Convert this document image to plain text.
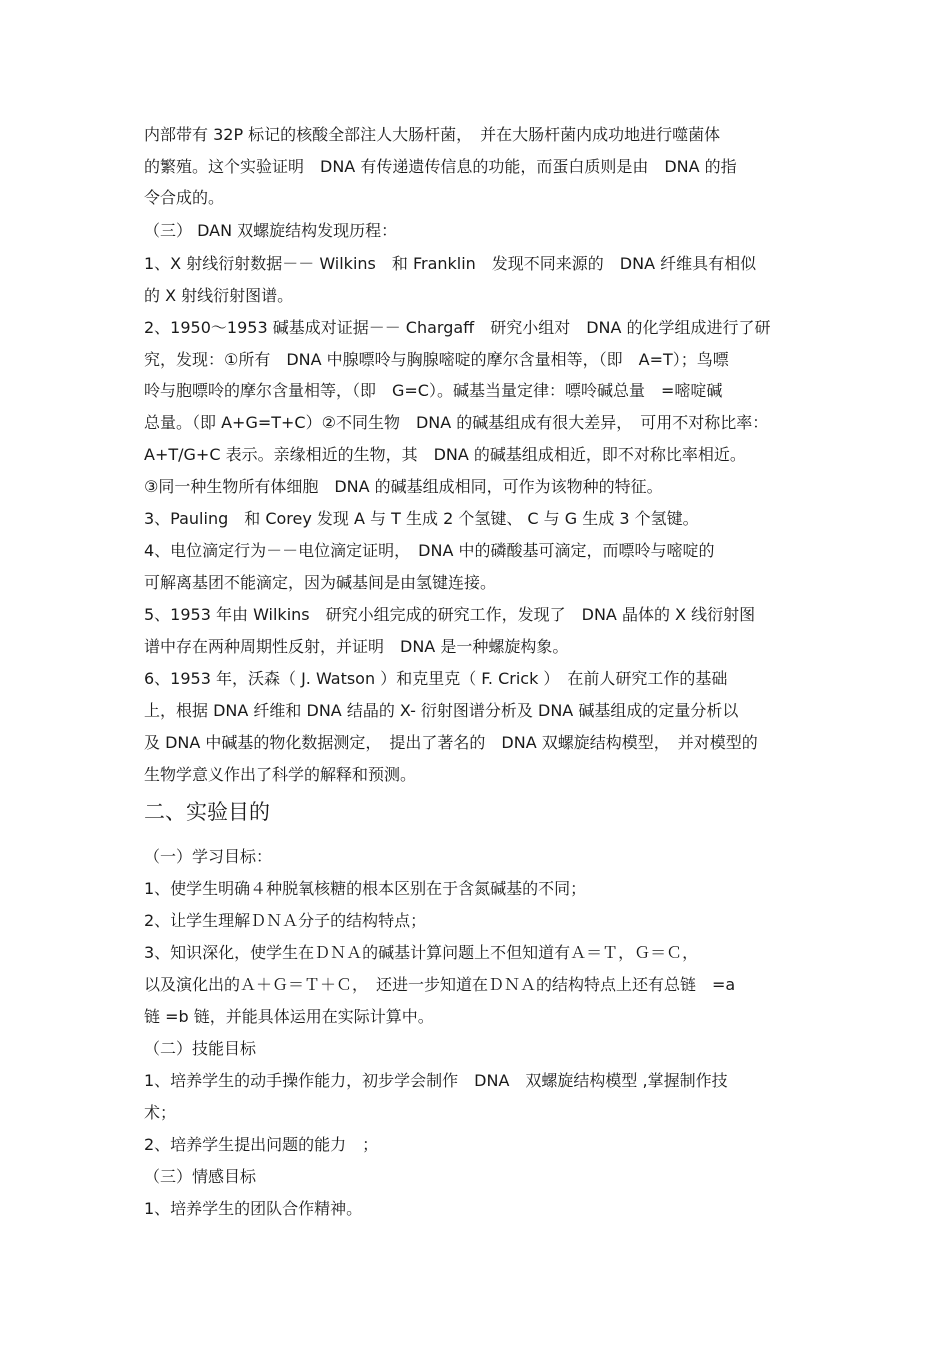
内部带有 32P 标记的核酸全部注人大肠杆菌，　并在大肠杆菌内成功地进行噬菌体
的繁殖。这个实验证明　DNA 有传递遗传信息的功能，而蛋白质则是由　DNA 的指
令合成的。
（三） DAN 双螺旋结构发现历程：
1、X 射线衍射数据－－ Wilkins　和 Franklin　发现不同来源的　DNA 纤维具有相似
的 X 射线衍射图谱。
2、1950～1953 碱基成对证据－－ Chargaff　研究小组对　DNA 的化学组成进行了研
究，发现：①所有　DNA 中腺嘌呤与胸腺嘧啶的摩尔含量相等，（即　A=T）；鸟嘌
呤与胞嘌呤的摩尔含量相等，（即　G=C）。碱基当量定律：嘌呤碱总量　=嘧啶碱
总量。（即 A+G=T+C）②不同生物　DNA 的碱基组成有很大差异，　可用不对称比率：
A+T/G+C 表示。亲缘相近的生物，其　DNA 的碱基组成相近，即不对称比率相近。
③同一种生物所有体细胞　DNA 的碱基组成相同，可作为该物种的特征。
3、Pauling　和 Corey 发现 A 与 T 生成 2 个氢键、 C 与 G 生成 3 个氢键。
4、电位滴定行为－－电位滴定证明，　DNA 中的磷酸基可滴定，而嘌呤与嘧啶的
可解离基团不能滴定，因为碱基间是由氢键连接。
5、1953 年由 Wilkins　研究小组完成的研究工作，发现了　DNA 晶体的 X 线衍射图
谱中存在两种周期性反射，并证明　DNA 是一种螺旋构象。
6、1953 年，沃森（ J. Watson ）和克里克（ F. Crick ）　在前人研究工作的基础
上，根据 DNA 纤维和 DNA 结晶的 X- 衍射图谱分析及 DNA 碱基组成的定量分析以
及 DNA 中碱基的物化数据测定，　提出了著名的　DNA 双螺旋结构模型，　并对模型的
生物学意义作出了科学的解释和预测。
二、实验目的
（一）学习目标：
1、使学生明确４种脱氧核糖的根本区别在于含氮碱基的不同；
2、让学生理解ＤＮＡ分子的结构特点；
3、知识深化，使学生在ＤＮＡ的碱基计算问题上不但知道有Ａ＝Ｔ，Ｇ＝Ｃ，
以及演化出的Ａ＋Ｇ＝Ｔ＋Ｃ，　还进一步知道在ＤＮＡ的结构特点上还有总链　=a
链 =b 链，并能具体运用在实际计算中。
（二）技能目标
1、培养学生的动手操作能力，初步学会制作　DNA　双螺旋结构模型 ,掌握制作技
术；
2、培养学生提出问题的能力　；
（三）情感目标
1、培养学生的团队合作精神。
